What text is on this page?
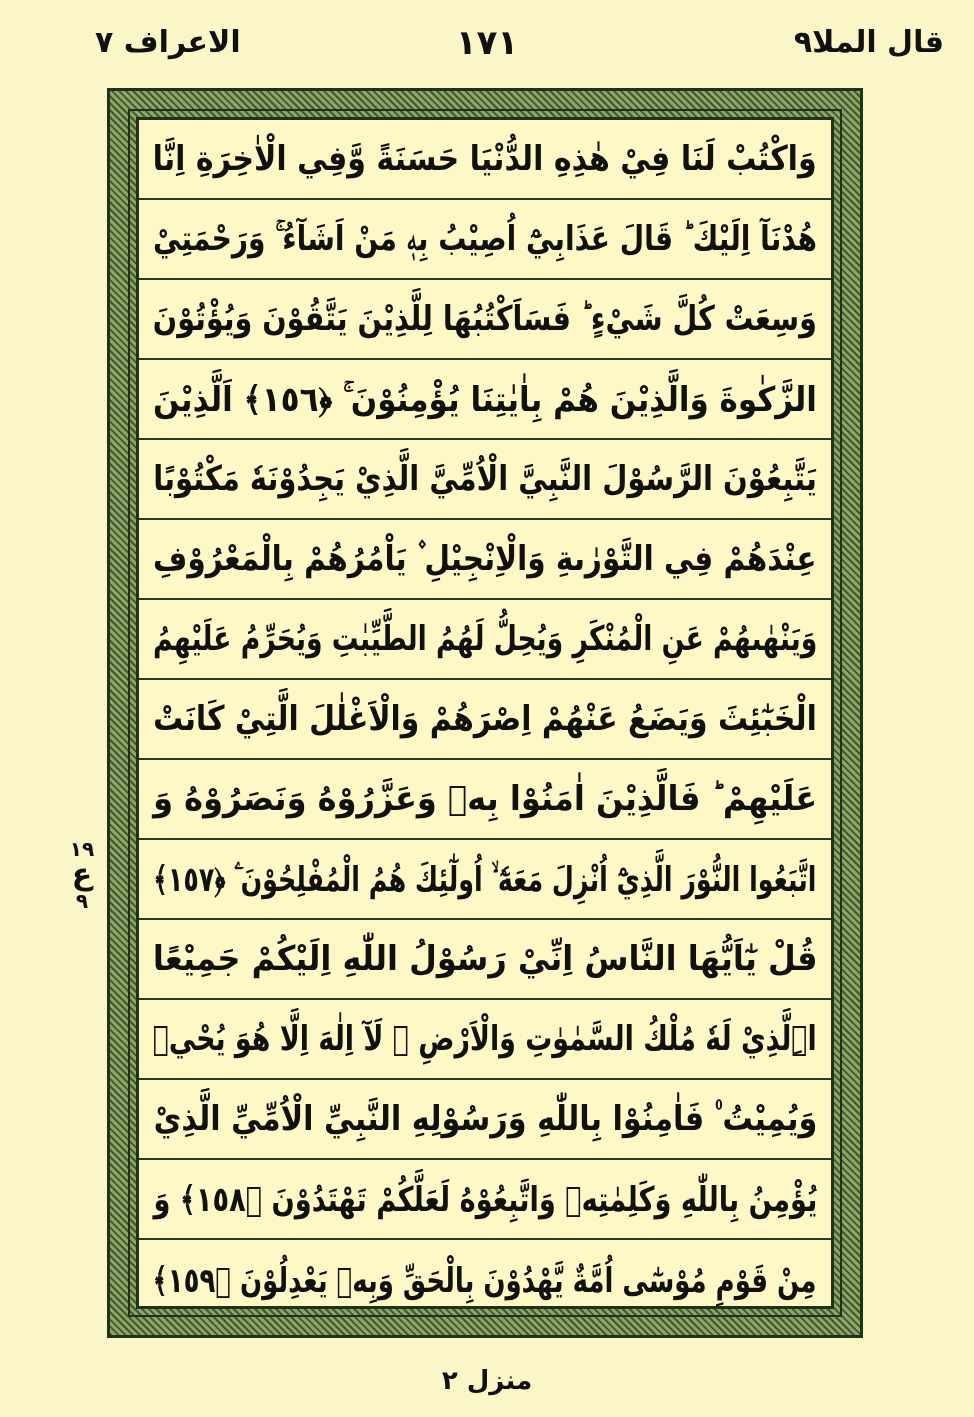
قال الملا٩
١٧١
الاعراف ٧
١٩
ع
٩
وَاكْتُبْ لَنَا فِيْ هٰذِهِ الدُّنْيَا حَسَنَةً وَّفِي الْاٰخِرَةِ اِنَّا
هُدْنَآ اِلَيْكَ ؕ قَالَ عَذَابِيْٓ اُصِيْبُ بِهٖ مَنْ اَشَآءُ ۚ وَرَحْمَتِيْ
وَسِعَتْ كُلَّ شَيْءٍ ؕ فَسَاَكْتُبُهَا لِلَّذِيْنَ يَتَّقُوْنَ وَيُؤْتُوْنَ
الزَّكٰوةَ وَالَّذِيْنَ هُمْ بِاٰيٰتِنَا يُؤْمِنُوْنَ ۚ ﴿١٥٦﴾ اَلَّذِيْنَ
يَتَّبِعُوْنَ الرَّسُوْلَ النَّبِيَّ الْاُمِّيَّ الَّذِيْ يَجِدُوْنَهٗ مَكْتُوْبًا
عِنْدَهُمْ فِي التَّوْرٰىةِ وَالْاِنْجِيْلِ ۫ يَاْمُرُهُمْ بِالْمَعْرُوْفِ
وَيَنْهٰىهُمْ عَنِ الْمُنْكَرِ وَيُحِلُّ لَهُمُ الطَّيِّبٰتِ وَيُحَرِّمُ عَلَيْهِمُ
الْخَبٰٓئِثَ وَيَضَعُ عَنْهُمْ اِصْرَهُمْ وَالْاَغْلٰلَ الَّتِيْ كَانَتْ
عَلَيْهِمْ ؕ فَالَّذِيْنَ اٰمَنُوْا بِهٖ وَعَزَّرُوْهُ وَنَصَرُوْهُ وَ
اتَّبَعُوا النُّوْرَ الَّذِيْٓ اُنْزِلَ مَعَهٗٓ ۙ اُولٰٓئِكَ هُمُ الْمُفْلِحُوْنَ ۧ ﴿١٥٧﴾
قُلْ يٰٓاَيُّهَا النَّاسُ اِنِّيْ رَسُوْلُ اللّٰهِ اِلَيْكُمْ جَمِيْعًا
اِۨلَّذِيْ لَهٗ مُلْكُ السَّمٰوٰتِ وَالْاَرْضِ ۚ لَآ اِلٰهَ اِلَّا هُوَ يُحْيٖ
وَيُمِيْتُ ۠ فَاٰمِنُوْا بِاللّٰهِ وَرَسُوْلِهِ النَّبِيِّ الْاُمِّيِّ الَّذِيْ
يُؤْمِنُ بِاللّٰهِ وَكَلِمٰتِهٖ وَاتَّبِعُوْهُ لَعَلَّكُمْ تَهْتَدُوْنَ ﴿١٥٨﴾ وَ
مِنْ قَوْمِ مُوْسٰٓى اُمَّةٌ يَّهْدُوْنَ بِالْحَقِّ وَبِهٖ يَعْدِلُوْنَ ﴿١٥٩﴾
منزل ٢
